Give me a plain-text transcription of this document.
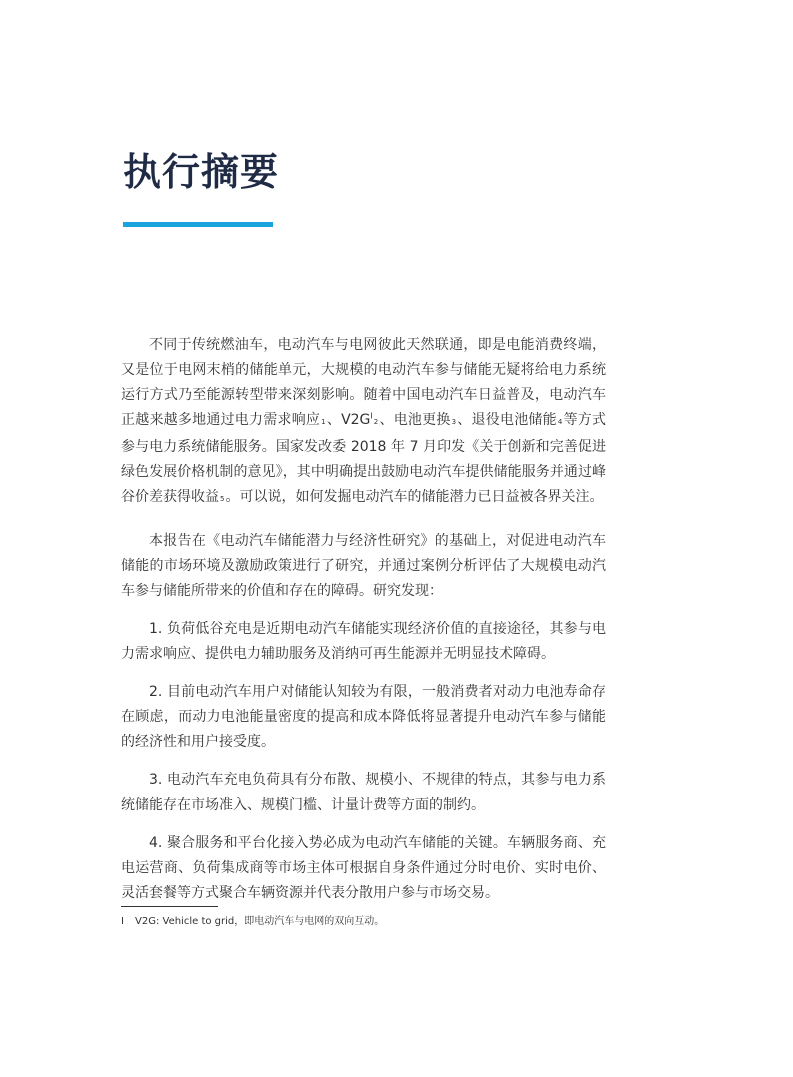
执行摘要

不同于传统燃油车，电动汽车与电网彼此天然联通，即是电能消费终端，又是位于电网末梢的储能单元，大规模的电动汽车参与储能无疑将给电力系统运行方式乃至能源转型带来深刻影响。随着中国电动汽车日益普及，电动汽车正越来越多地通过电力需求响应1、$V2G^I2$、电池更换3、退役电池储能4等方式参与电力系统储能服务。国家发改委 2018 年 7 月印发《关于创新和完善促进绿色发展价格机制的意见》，其中明确提出鼓励电动汽车提供储能服务并通过峰谷价差获得收益5。可以说，如何发掘电动汽车的储能潜力已日益被各界关注。

本报告在《电动汽车储能潜力与经济性研究》的基础上，对促进电动汽车储能的市场环境及激励政策进行了研究，并通过案例分析评估了大规模电动汽车参与储能所带来的价值和存在的障碍。研究发现：

1. 负荷低谷充电是近期电动汽车储能实现经济价值的直接途径，其参与电力需求响应、提供电力辅助服务及消纳可再生能源并无明显技术障碍。

2. 目前电动汽车用户对储能认知较为有限，一般消费者对动力电池寿命存在顾虑，而动力电池能量密度的提高和成本降低将显著提升电动汽车参与储能的经济性和用户接受度。

3. 电动汽车充电负荷具有分布散、规模小、不规律的特点，其参与电力系统储能存在市场准入、规模门槛、计量计费等方面的制约。

4. 聚合服务和平台化接入势必成为电动汽车储能的关键。车辆服务商、充电运营商、负荷集成商等市场主体可根据自身条件通过分时电价、实时电价、灵活套餐等方式聚合车辆资源并代表分散用户参与市场交易。

I V2G: Vehicle to grid，即电动汽车与电网的双向互动。
